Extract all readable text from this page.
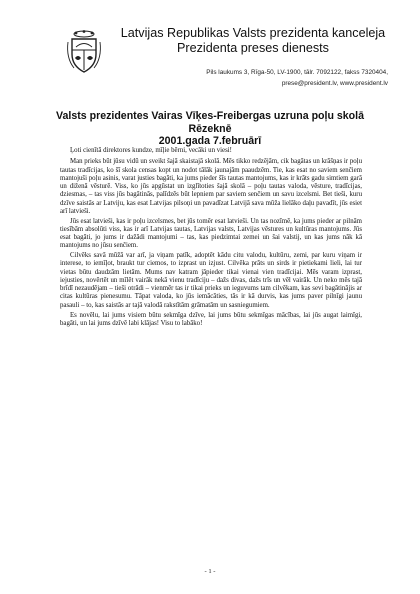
Latvijas Republikas Valsts prezidenta kanceleja
Prezidenta preses dienests
Pils laukums 3, Rīga-50, LV-1900, tālr. 7092122, fakss 7320404,
prese@president.lv, www.president.lv
Valsts prezidentes Vairas Vīķes-Freibergas uzruna poļu skolā Rēzeknē
2001.gada 7.februārī

Ļoti cienītā direktores kundze, mīļie bērni, vecāki un viesi!

Man prieks būt jūsu vidū un sveikt šajā skaistajā skolā. Mēs tikko redzējām, cik bagātas un krāšņas ir poļu tautas tradīcijas, ko šī skola censas kopt un nodot tālāk jaunajām paaudzēm. Tie, kas esat no saviem senčiem mantojuši poļu asinis, varat justies bagāti, ka jums pieder šīs tautas mantojums, kas ir krāts gadu simtiem garā un diženā vēsturē. Viss, ko jūs apgūstat un izglītoties šajā skolā – poļu tautas valoda, vēsture, tradīcijas, dziesmas, – tas viss jūs bagātinās, palīdzēs būt lepniem par saviem senčiem un savu izcelsmi. Bet tieši, kuru dzīve saistās ar Latviju, kas esat Latvijas pilsoņi un pavadīzat Latvijā sava mūža lielāko daļu pavadīt, jūs esiet arī latvieši.

Jūs esat latvieši, kas ir poļu izcelsmes, bet jūs tomēr esat latvieši. Un tas nozīmē, ka jums pieder ar pilnām tiesībām absolūti viss, kas ir arī Latvijas tautas, Latvijas valsts, Latvijas vēstures un kultūras mantojums. Jūs esat bagāti, jo jums ir dažādi mantojumi – tas, kas piedzimtai zemei un šai valstij, un kas jums nāk kā mantojums no jūsu senčiem.

Cilvēks savā mūžā var arī, ja viņam patīk, adoptēt kādu citu valodu, kultūru, zemi, par kuru viņam ir interese, to iemīļot, braukt tur ciemos, to izprast un izjust. Cilvēka prāts un sirds ir pietiekami lieli, lai tur vietas būtu daudzām lietām. Mums nav katram jāpieder tikai vienai vien tradīcijai. Mēs varam izprast, iejusties, novērtēt un mīlēt vairāk nekā vienu tradīciju – dažs divas, dažs trīs un vēl vairāk. Un neko mēs tajā brīdī nezaudējam – tieši otrādi – vienmēr tas ir tikai prieks un ieguvums tam cilvēkam, kas sevi bagātinājis ar citas kultūras pienesumu. Tāpat valoda, ko jūs iemācāties, tās ir kā durvis, kas jums paver pilnīgi jaunu pasauli – to, kas saistās ar tajā valodā rakstītām grāmatām un sasniegumiem.

Es novēlu, lai jums visiem būtu sekmīga dzīve, lai jums būtu sekmīgas mācības, lai jūs augat laimīgi, bagāti, un lai jums dzīvē labi klājas! Visu to labāko!

- 1 -
